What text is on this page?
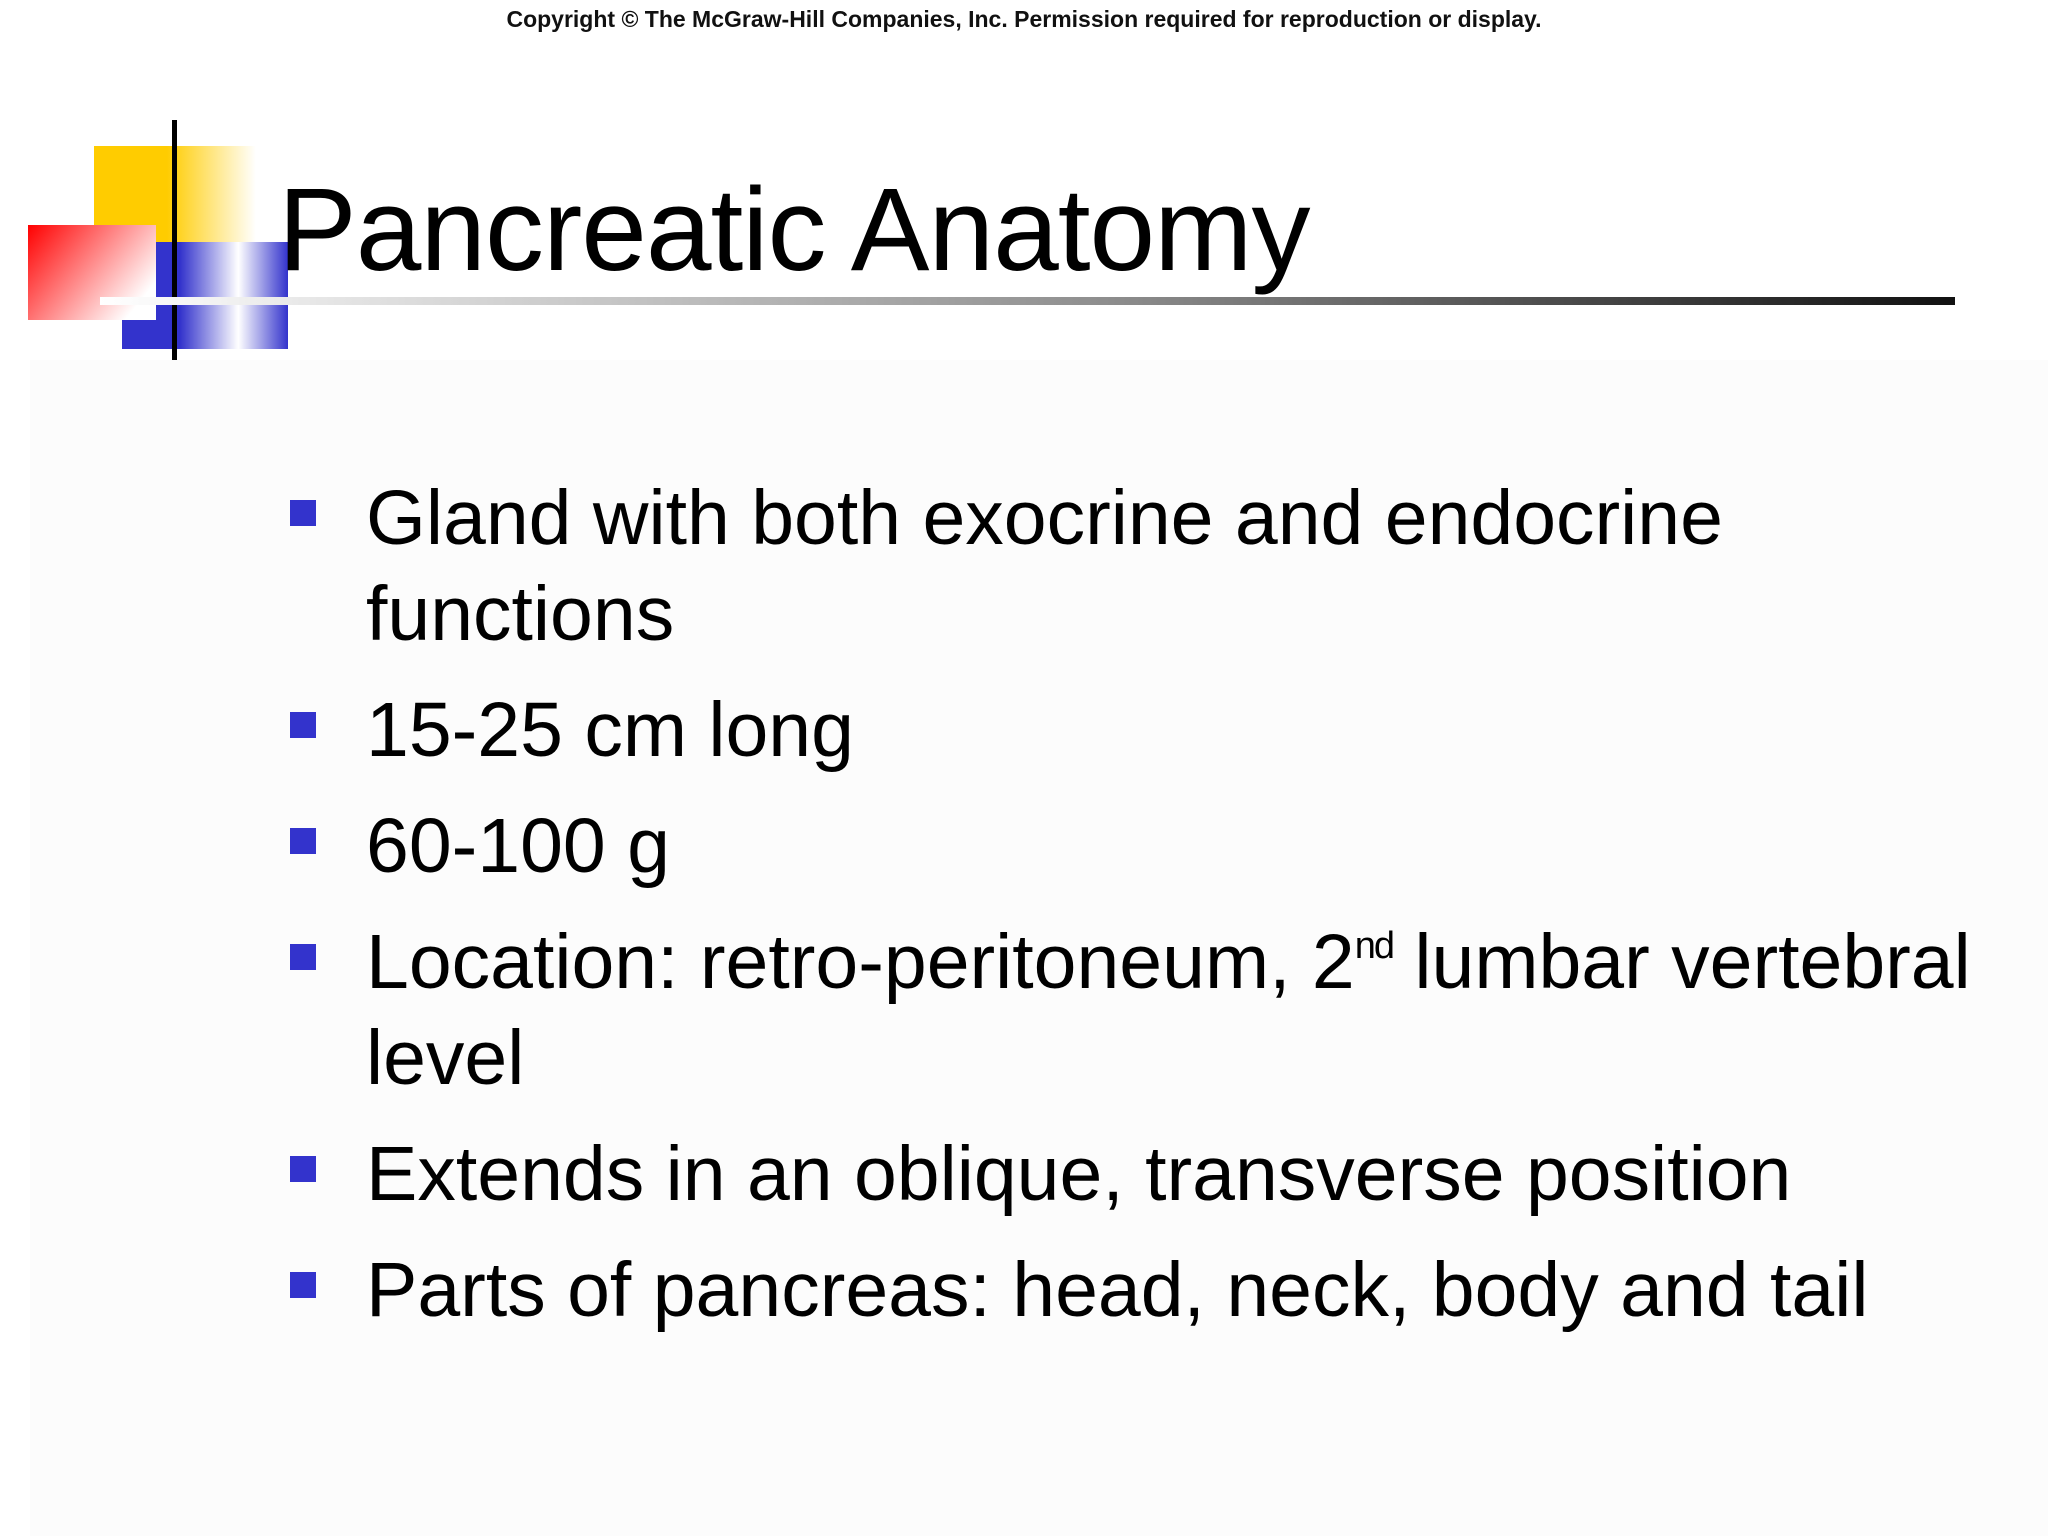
Copyright © The McGraw-Hill Companies, Inc. Permission required for reproduction or display.
Pancreatic Anatomy
Gland with both exocrine and endocrine functions
15-25 cm long
60-100 g
Location: retro-peritoneum, 2nd lumbar vertebral level
Extends in an oblique, transverse position
Parts of pancreas: head, neck, body and tail
